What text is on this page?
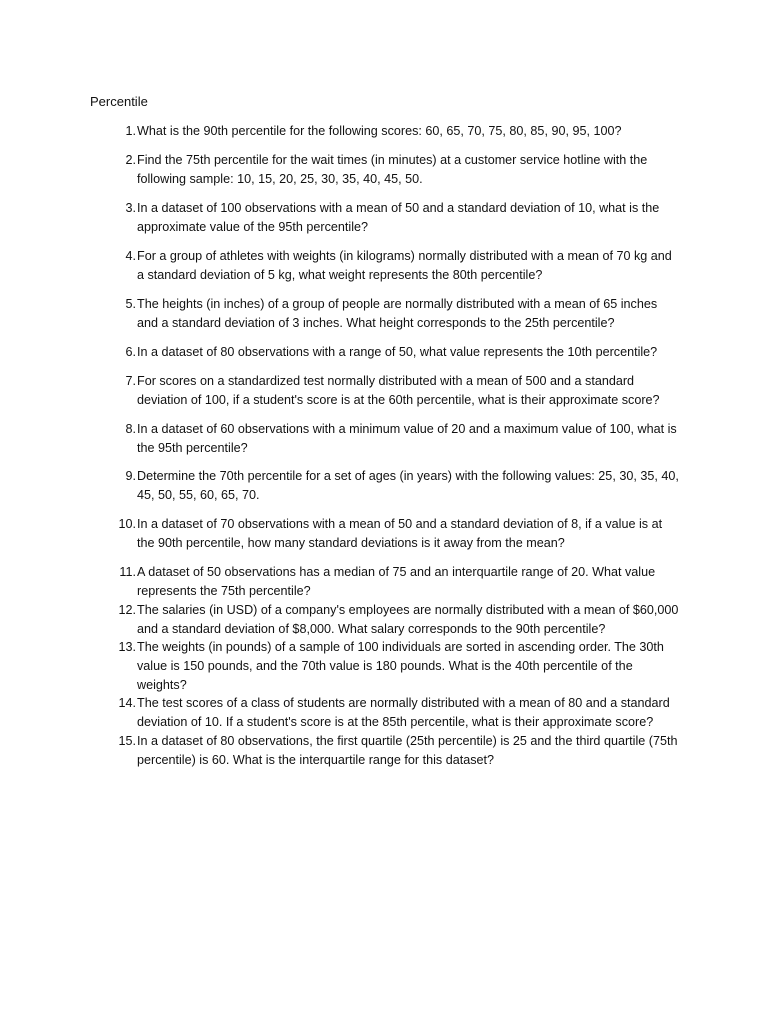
Percentile
1. What is the 90th percentile for the following scores: 60, 65, 70, 75, 80, 85, 90, 95, 100?
2. Find the 75th percentile for the wait times (in minutes) at a customer service hotline with the following sample: 10, 15, 20, 25, 30, 35, 40, 45, 50.
3. In a dataset of 100 observations with a mean of 50 and a standard deviation of 10, what is the approximate value of the 95th percentile?
4. For a group of athletes with weights (in kilograms) normally distributed with a mean of 70 kg and a standard deviation of 5 kg, what weight represents the 80th percentile?
5. The heights (in inches) of a group of people are normally distributed with a mean of 65 inches and a standard deviation of 3 inches. What height corresponds to the 25th percentile?
6. In a dataset of 80 observations with a range of 50, what value represents the 10th percentile?
7. For scores on a standardized test normally distributed with a mean of 500 and a standard deviation of 100, if a student's score is at the 60th percentile, what is their approximate score?
8. In a dataset of 60 observations with a minimum value of 20 and a maximum value of 100, what is the 95th percentile?
9. Determine the 70th percentile for a set of ages (in years) with the following values: 25, 30, 35, 40, 45, 50, 55, 60, 65, 70.
10. In a dataset of 70 observations with a mean of 50 and a standard deviation of 8, if a value is at the 90th percentile, how many standard deviations is it away from the mean?
11. A dataset of 50 observations has a median of 75 and an interquartile range of 20. What value represents the 75th percentile?
12. The salaries (in USD) of a company's employees are normally distributed with a mean of $60,000 and a standard deviation of $8,000. What salary corresponds to the 90th percentile?
13. The weights (in pounds) of a sample of 100 individuals are sorted in ascending order. The 30th value is 150 pounds, and the 70th value is 180 pounds. What is the 40th percentile of the weights?
14. The test scores of a class of students are normally distributed with a mean of 80 and a standard deviation of 10. If a student's score is at the 85th percentile, what is their approximate score?
15. In a dataset of 80 observations, the first quartile (25th percentile) is 25 and the third quartile (75th percentile) is 60. What is the interquartile range for this dataset?
